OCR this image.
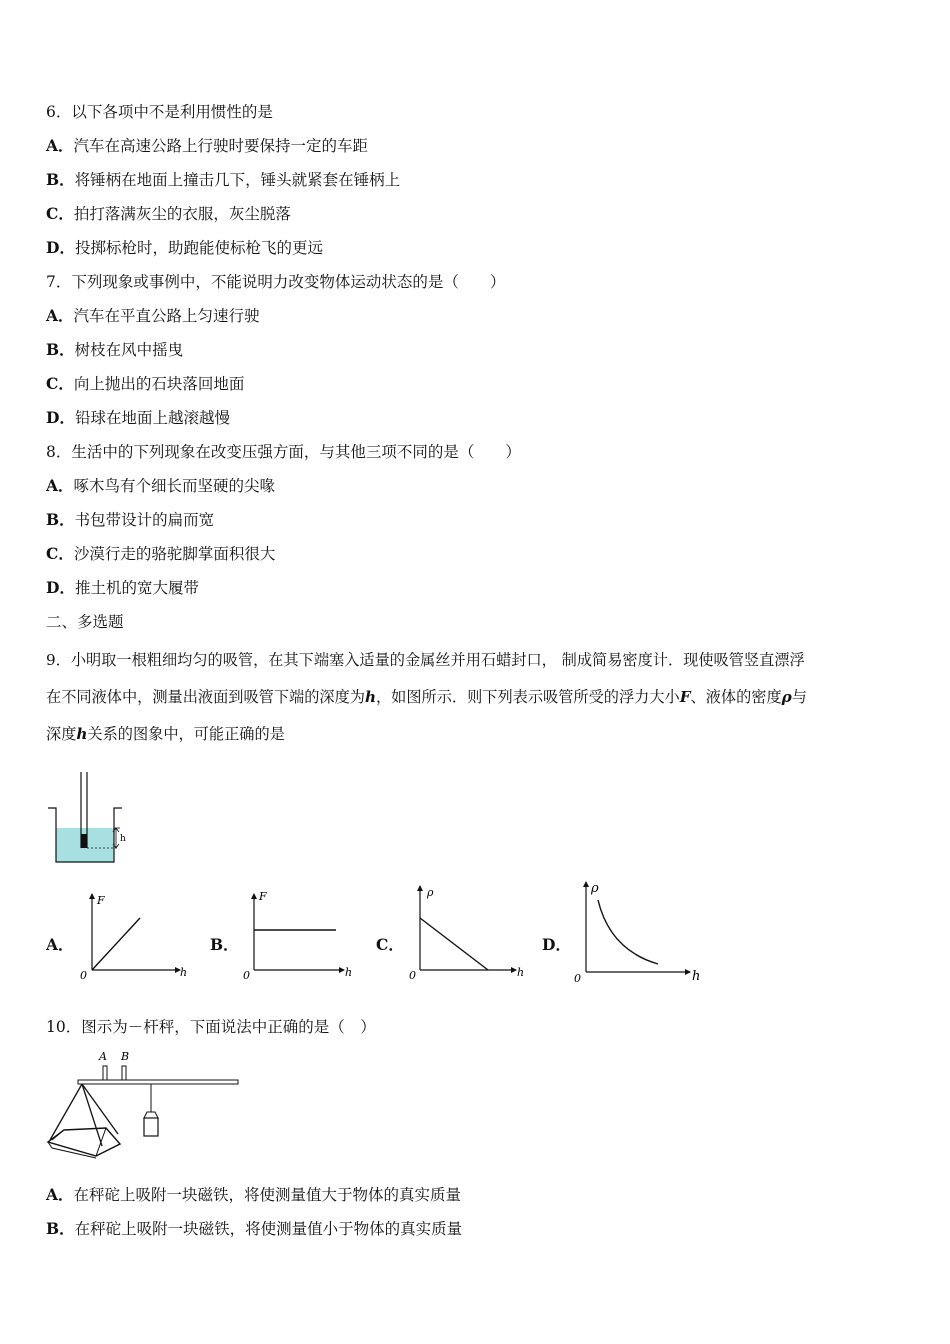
6．以下各项中不是利用惯性的是
A．汽车在高速公路上行驶时要保持一定的车距
B．将锤柄在地面上撞击几下，锤头就紧套在锤柄上
C．拍打落满灰尘的衣服，灰尘脱落
D．投掷标枪时，助跑能使标枪飞的更远
7．下列现象或事例中，不能说明力改变物体运动状态的是（　　）
A．汽车在平直公路上匀速行驶
B．树枝在风中摇曳
C．向上抛出的石块落回地面
D．铅球在地面上越滚越慢
8．生活中的下列现象在改变压强方面，与其他三项不同的是（　　）
A．啄木鸟有个细长而坚硬的尖喙
B．书包带设计的扁而宽
C．沙漠行走的骆驼脚掌面积很大
D．推土机的宽大履带
二、多选题
9．小明取一根粗细均匀的吸管，在其下端塞入适量的金属丝并用石蜡封口， 制成简易密度计．现使吸管竖直漂浮
在不同液体中，测量出液面到吸管下端的深度为h，如图所示．则下列表示吸管所受的浮力大小F、液体的密度ρ与
深度h关系的图象中，可能正确的是
h
A．
F
h
0
B．
F
h
0
C．
ρ
h
0
D．
ρ
h
0
10．图示为－杆秤，下面说法中正确的是（　）
A B
A．在秤砣上吸附一块磁铁，将使测量值大于物体的真实质量
B．在秤砣上吸附一块磁铁，将使测量值小于物体的真实质量
